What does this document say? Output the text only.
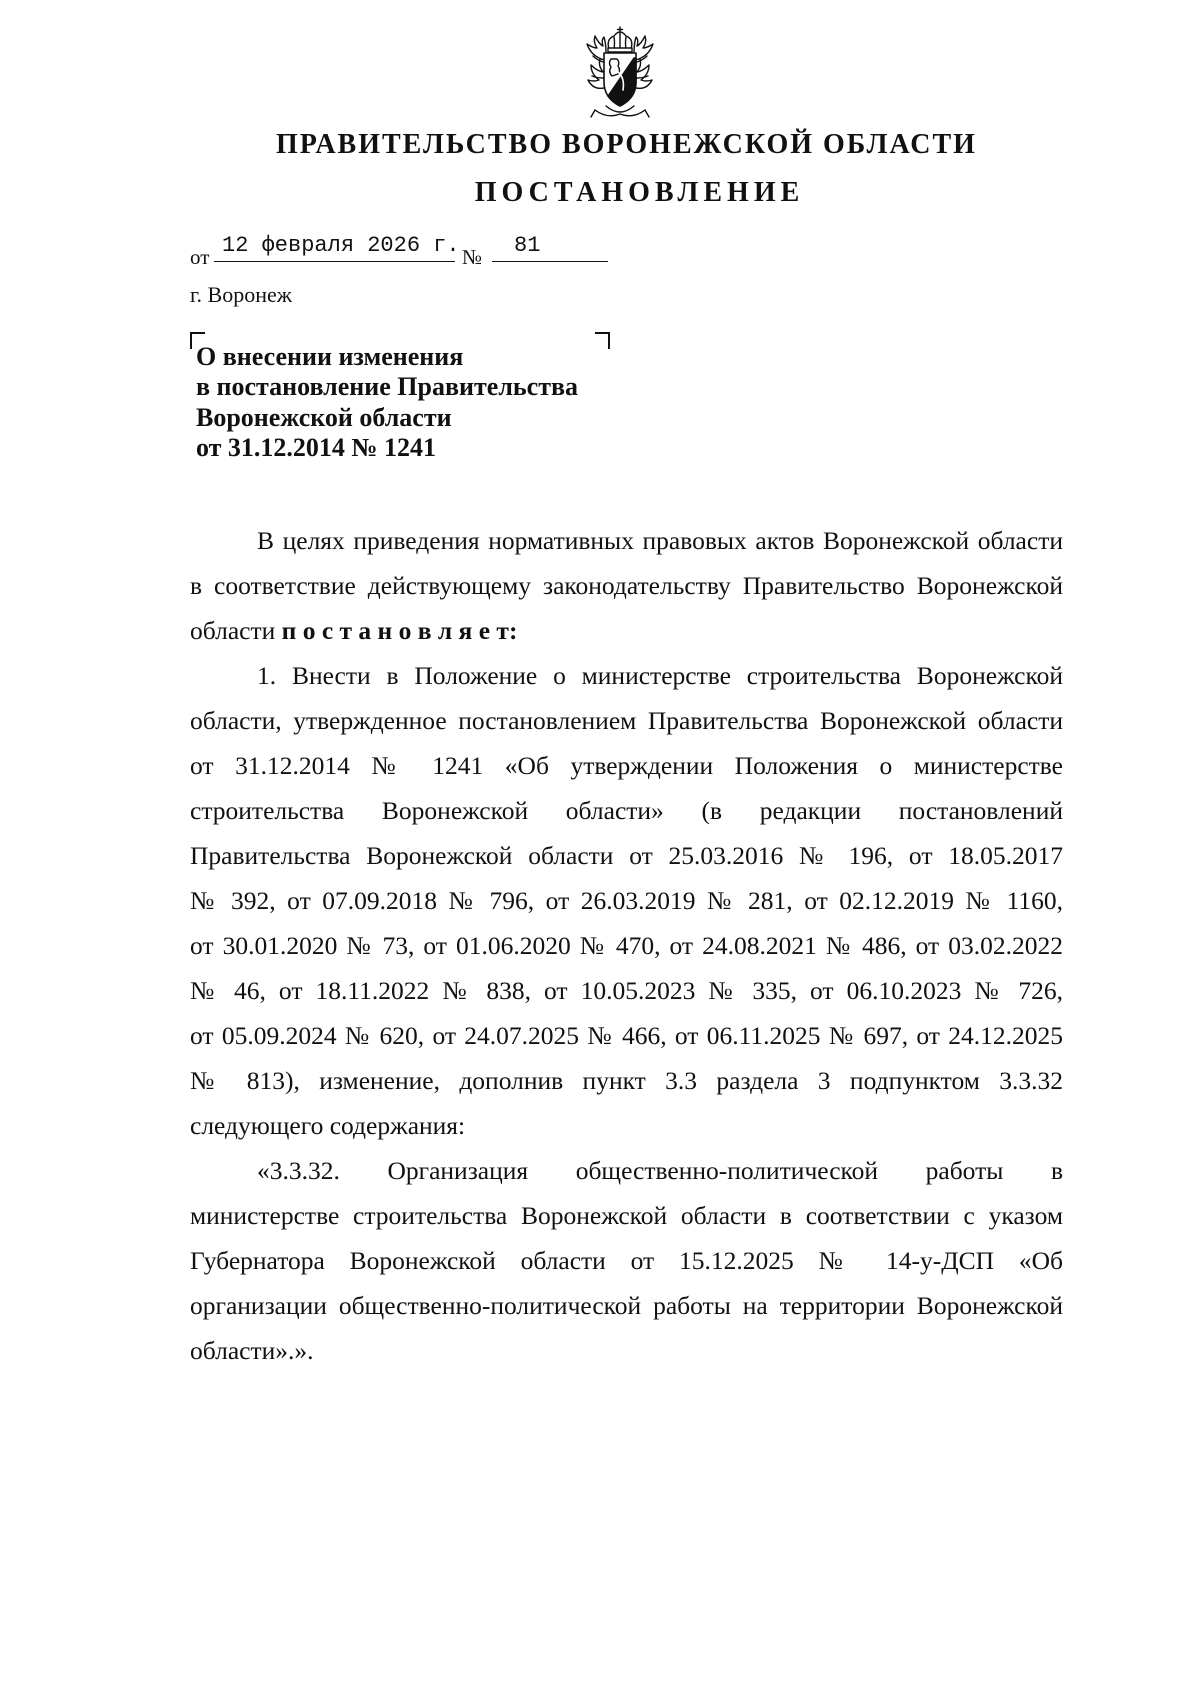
ПРАВИТЕЛЬСТВО ВОРОНЕЖСКОЙ ОБЛАСТИ
ПОСТАНОВЛЕНИЕ
от 12 февраля 2026 г. № 81
г. Воронеж
О внесении изменения
в постановление Правительства
Воронежской области
от 31.12.2014 № 1241
В целях приведения нормативных правовых актов Воронежской области
в соответствие действующему законодательству Правительство Воронежской
области п о с т а н о в л я е т:
1. Внести в Положение о министерстве строительства Воронежской
области, утвержденное постановлением Правительства Воронежской области
от 31.12.2014 № 1241 «Об утверждении Положения о министерстве
строительства Воронежской области» (в редакции постановлений
Правительства Воронежской области от 25.03.2016 № 196, от 18.05.2017
№ 392, от 07.09.2018 № 796, от 26.03.2019 № 281, от 02.12.2019 № 1160,
от 30.01.2020 № 73, от 01.06.2020 № 470, от 24.08.2021 № 486, от 03.02.2022
№ 46, от 18.11.2022 № 838, от 10.05.2023 № 335, от 06.10.2023 № 726,
от 05.09.2024 № 620, от 24.07.2025 № 466, от 06.11.2025 № 697, от 24.12.2025
№ 813), изменение, дополнив пункт 3.3 раздела 3 подпунктом 3.3.32
следующего содержания:
«3.3.32. Организация общественно-политической работы в
министерстве строительства Воронежской области в соответствии с указом
Губернатора Воронежской области от 15.12.2025 № 14-у-ДСП «Об
организации общественно-политической работы на территории Воронежской
области».».
